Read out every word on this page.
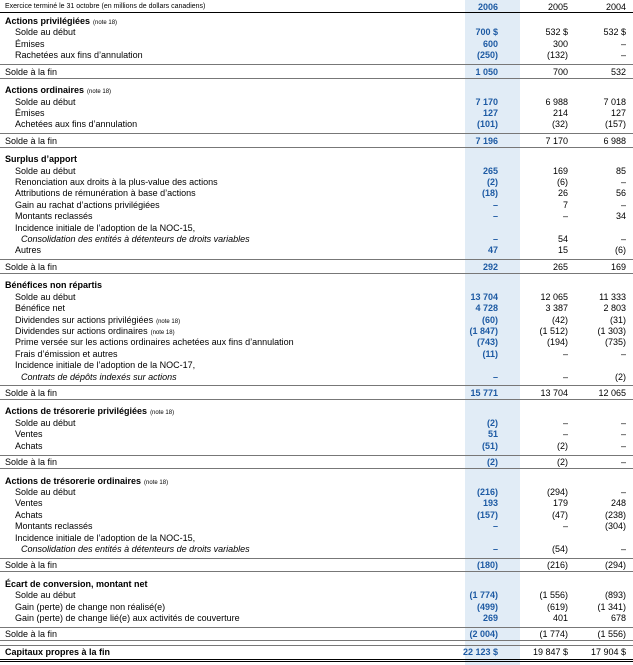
Exercice terminé le 31 octobre (en millions de dollars canadiens)	2006	2005	2004
Actions privilégiées (note 18)
Solde au début	700 $	532 $	532 $
Émises	600	300	–
Rachetées aux fins d’annulation	(250)	(132)	–
Solde à la fin	1 050	700	532
Actions ordinaires (note 18)
Solde au début	7 170	6 988	7 018
Émises	127	214	127
Achetées aux fins d’annulation	(101)	(32)	(157)
Solde à la fin	7 196	7 170	6 988
Surplus d’apport
Solde au début	265	169	85
Renonciation aux droits à la plus-value des actions	(2)	(6)	–
Attributions de rémunération à base d’actions	(18)	26	56
Gain au rachat d’actions privilégiées	–	7	–
Montants reclassés	–	–	34
Incidence initiale de l’adoption de la NOC-15,
Consolidation des entités à détenteurs de droits variables	–	54	–
Autres	47	15	(6)
Solde à la fin	292	265	169
Bénéfices non répartis
Solde au début	13 704	12 065	11 333
Bénéfice net	4 728	3 387	2 803
Dividendes sur actions privilégiées (note 18)	(60)	(42)	(31)
Dividendes sur actions ordinaires (note 18)	(1 847)	(1 512)	(1 303)
Prime versée sur les actions ordinaires achetées aux fins d’annulation	(743)	(194)	(735)
Frais d’émission et autres	(11)	–	–
Incidence initiale de l’adoption de la NOC-17,
Contrats de dépôts indexés sur actions	–	–	(2)
Solde à la fin	15 771	13 704	12 065
Actions de trésorerie privilégiées (note 18)
Solde au début	(2)	–	–
Ventes	51	–	–
Achats	(51)	(2)	–
Solde à la fin	(2)	(2)	–
Actions de trésorerie ordinaires (note 18)
Solde au début	(216)	(294)	–
Ventes	193	179	248
Achats	(157)	(47)	(238)
Montants reclassés	–	–	(304)
Incidence initiale de l’adoption de la NOC-15,
Consolidation des entités à détenteurs de droits variables	–	(54)	–
Solde à la fin	(180)	(216)	(294)
Écart de conversion, montant net
Solde au début	(1 774)	(1 556)	(893)
Gain (perte) de change non réalisé(e)	(499)	(619)	(1 341)
Gain (perte) de change lié(e) aux activités de couverture	269	401	678
Solde à la fin	(2 004)	(1 774)	(1 556)
Capitaux propres à la fin	22 123 $	19 847 $	17 904 $
